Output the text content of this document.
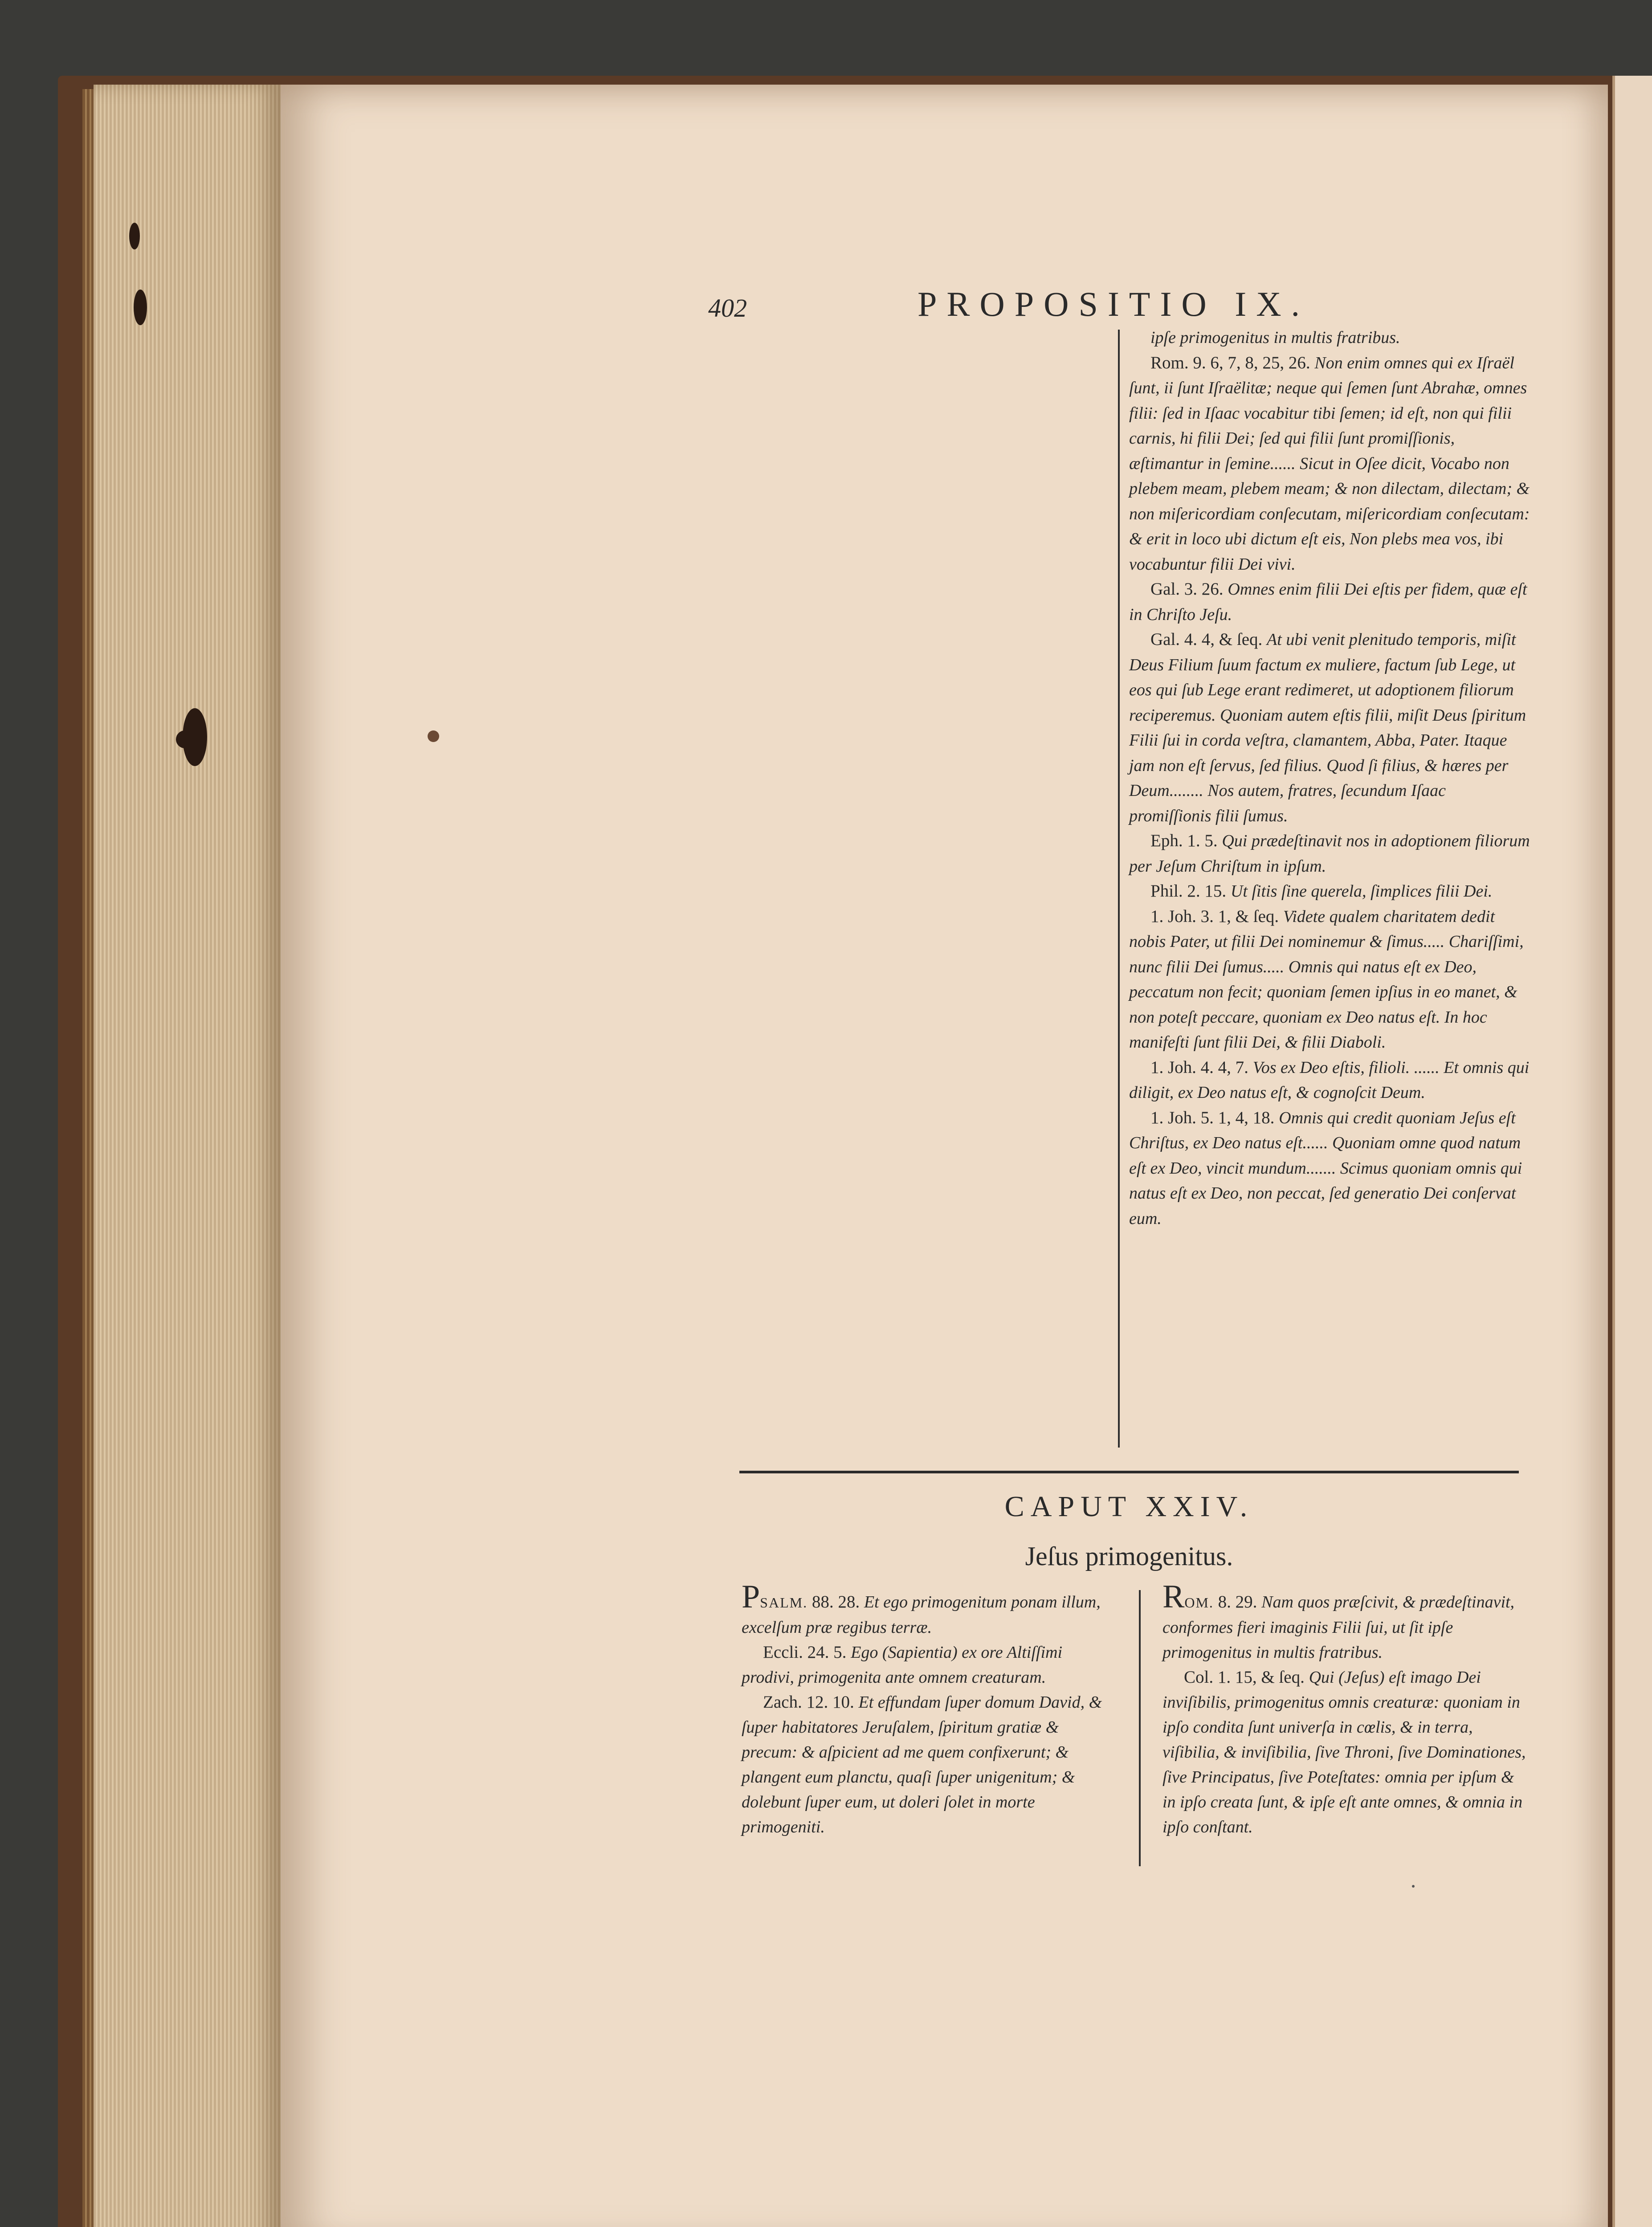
402	PROPOSITIO IX.

ipſe primogenitus in multis fratribus.

Rom. 9. 6, 7, 8, 25, 26. Non enim omnes qui ex Iſraël ſunt, ii ſunt Iſraëlitæ; neque qui ſemen ſunt Abrahæ, omnes filii: ſed in Iſaac vocabitur tibi ſemen; id eſt, non qui filii carnis, hi filii Dei; ſed qui filii ſunt promiſſionis, æſtimantur in ſemine...... Sicut in Oſee dicit, Vocabo non plebem meam, plebem meam; & non dilectam, dilectam; & non miſericordiam conſecutam, miſericordiam conſecutam: & erit in loco ubi dictum eſt eis, Non plebs mea vos, ibi vocabuntur filii Dei vivi.

Gal. 3. 26. Omnes enim filii Dei eſtis per fidem, quæ eſt in Chriſto Jeſu.

Gal. 4. 4, & ſeq. At ubi venit plenitudo temporis, miſit Deus Filium ſuum factum ex muliere, factum ſub Lege, ut eos qui ſub Lege erant redimeret, ut adoptionem filiorum reciperemus. Quoniam autem eſtis filii, miſit Deus ſpiritum Filii ſui in corda veſtra, clamantem, Abba, Pater. Itaque jam non eſt ſervus, ſed filius. Quod ſi filius, & hæres per Deum........ Nos autem, fratres, ſecundum Iſaac promiſſionis filii ſumus.

Eph. 1. 5. Qui prædeſtinavit nos in adoptionem filiorum per Jeſum Chriſtum in ipſum.

Phil. 2. 15. Ut ſitis ſine querela, ſimplices filii Dei.

1. Joh. 3. 1, & ſeq. Videte qualem charitatem dedit nobis Pater, ut filii Dei nominemur & ſimus..... Chariſſimi, nunc filii Dei ſumus..... Omnis qui natus eſt ex Deo, peccatum non fecit; quoniam ſemen ipſius in eo manet, & non poteſt peccare, quoniam ex Deo natus eſt. In hoc manifeſti ſunt filii Dei, & filii Diaboli.

1. Joh. 4. 4, 7. Vos ex Deo eſtis, filioli. ...... Et omnis qui diligit, ex Deo natus eſt, & cognoſcit Deum.

1. Joh. 5. 1, 4, 18. Omnis qui credit quoniam Jeſus eſt Chriſtus, ex Deo natus eſt...... Quoniam omne quod natum eſt ex Deo, vincit mundum....... Scimus quoniam omnis qui natus eſt ex Deo, non peccat, ſed generatio Dei conſervat eum.

CAPUT XXIV.
Jeſus primogenitus.

PSALM. 88. 28. Et ego primogenitum ponam illum, excelſum præ regibus terræ.

Eccli. 24. 5. Ego (Sapientia) ex ore Altiſſimi prodivi, primogenita ante omnem creaturam.

Zach. 12. 10. Et effundam ſuper domum David, & ſuper habitatores Jeruſalem, ſpiritum gratiæ & precum: & aſpicient ad me quem confixerunt; & plangent eum planctu, quaſi ſuper unigenitum; & dolebunt ſuper eum, ut doleri ſolet in morte primogeniti.

ROM. 8. 29. Nam quos præſcivit, & prædeſtinavit, conformes fieri imaginis Filii ſui, ut ſit ipſe primogenitus in multis fratribus.

Col. 1. 15, & ſeq. Qui (Jeſus) eſt imago Dei inviſibilis, primogenitus omnis creaturæ: quoniam in ipſo condita ſunt univerſa in cœlis, & in terra, viſibilia, & inviſibilia, ſive Throni, ſive Dominationes, ſive Principatus, ſive Poteſtates: omnia per ipſum & in ipſo creata ſunt, & ipſe eſt ante omnes, & omnia in ipſo conſtant.
